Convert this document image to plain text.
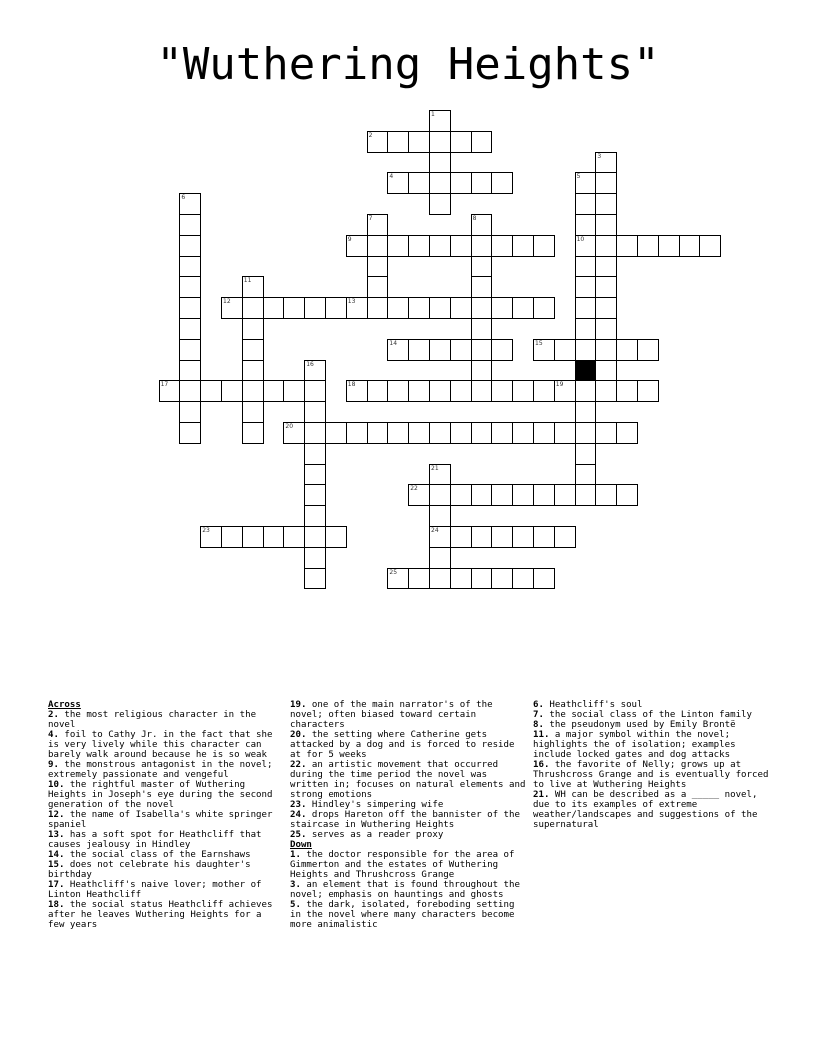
"Wuthering Heights"
1
2
3
4	5
10
6
7	8
9
11
12	13
14	15
16
17	18	19
20
21
24
22
23
25
Across
2. the most religious character in the novel
4. foil to Cathy Jr. in the fact that she is very lively while this character can barely walk around because he is so weak
9. the monstrous antagonist in the novel; extremely passionate and vengeful
10. the rightful master of Wuthering Heights in Joseph's eye during the second generation of the novel
12. the name of Isabella's white springer spaniel
13. has a soft spot for Heathcliff that causes jealousy in Hindley
14. the social class of the Earnshaws
15. does not celebrate his daughter's birthday
17. Heathcliff's naive lover; mother of Linton Heathcliff
18. the social status Heathcliff achieves after he leaves Wuthering Heights for a few years
19. one of the main narrator's of the novel; often biased toward certain characters
20. the setting where Catherine gets attacked by a dog and is forced to reside at for 5 weeks
22. an artistic movement that occurred during the time period the novel was written in; focuses on natural elements and strong emotions
23. Hindley's simpering wife
24. drops Hareton off the bannister of the staircase in Wuthering Heights
25. serves as a reader proxy
Down
1. the doctor responsible for the area of Gimmerton and the estates of Wuthering Heights and Thrushcross Grange
3. an element that is found throughout the novel; emphasis on hauntings and ghosts
5. the dark, isolated, foreboding setting in the novel where many characters become more animalistic
6. Heathcliff's soul
7. the social class of the Linton family
8. the pseudonym used by Emily Brontë
11. a major symbol within the novel; highlights the of isolation; examples include locked gates and dog attacks
16. the favorite of Nelly; grows up at Thrushcross Grange and is eventually forced to live at Wuthering Heights
21. WH can be described as a _____ novel, due to its examples of extreme weather/landscapes and suggestions of the supernatural
